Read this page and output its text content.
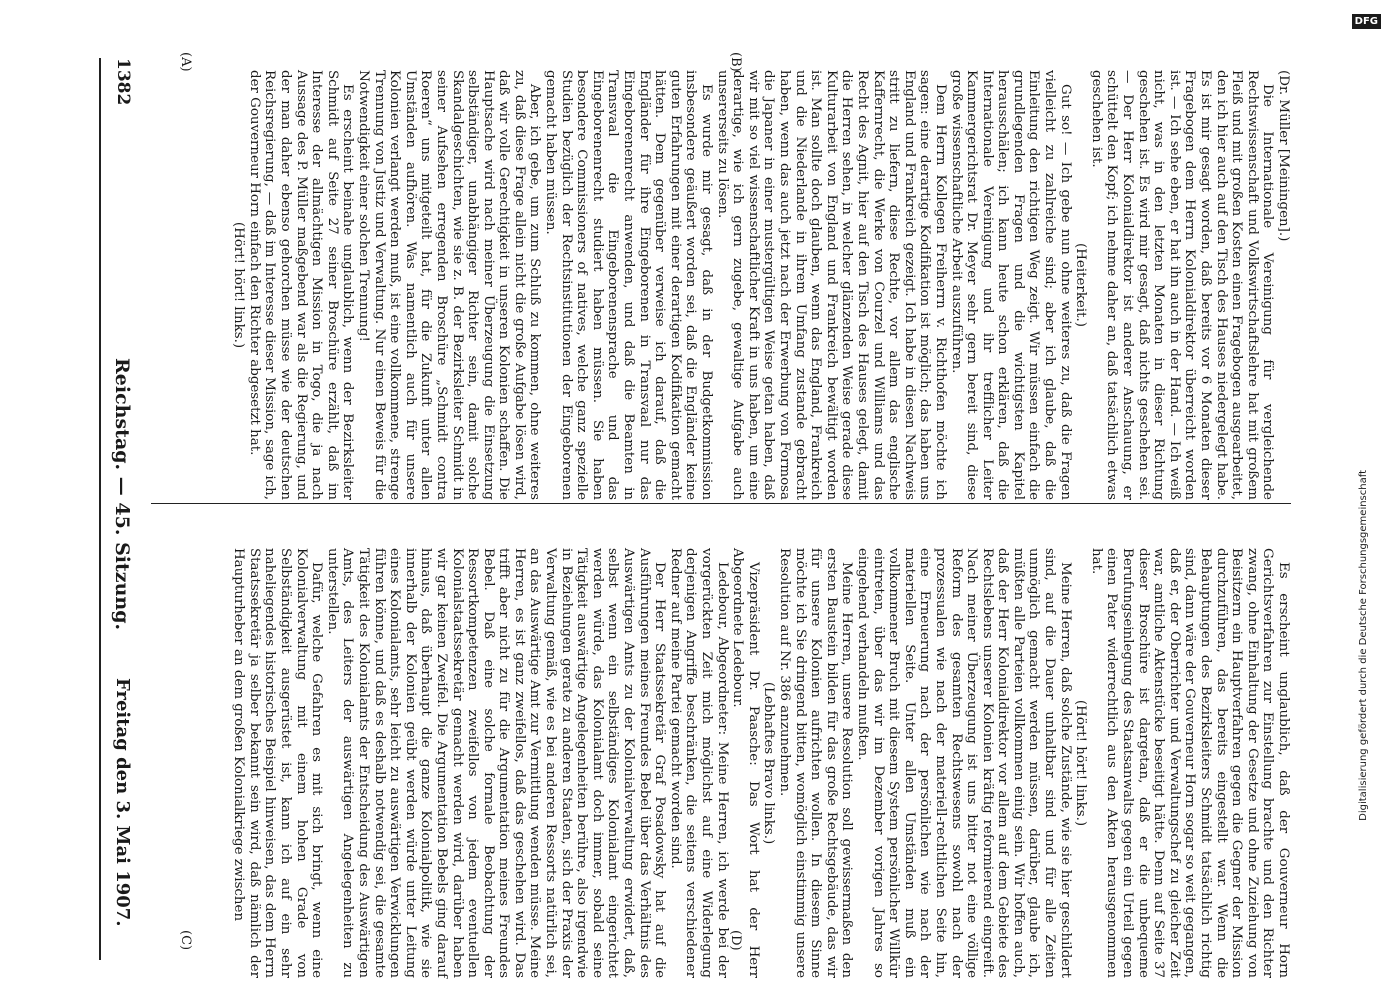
1382
Reichstag. — 45. Sitzung.
Freitag den 3. Mai 1907.
(A)	(B)
(C)	(D)

(Dr. Müller [Meiningen].)

Die Internationale Vereinigung für vergleichende Rechtswissenschaft und Volkswirtschaftslehre hat mit großem Fleiß und mit großen Kosten einen Fragebogen ausgearbeitet, den ich hier auch auf den Tisch des Hauses niedergelegt habe. Es ist mir gesagt worden, daß bereits vor 6 Monaten dieser Fragebogen dem Herrn Kolonialdirektor überreicht worden ist. — Ich sehe eben, er hat ihn auch in der Hand. — Ich weiß nicht, was in den letzten Monaten in dieser Richtung geschehen ist. Es wird mir gesagt, daß nichts geschehen sei. — Der Herr Kolonialdirektor ist anderer Anschauung, er schüttelt den Kopf; ich nehme daher an, daß tatsächlich etwas geschehen ist.

(Heiterkeit.)

Gut so! — Ich gebe nun ohne weiteres zu, daß die Fragen vielleicht zu zahlreiche sind; aber ich glaube, daß die Einleitung den richtigen Weg zeigt. Wir müssen einfach die grundlegenden Fragen und die wichtigsten Kapitel herausschälen; ich kann heute schon erklären, daß die Internationale Vereinigung und ihr trefflicher Leiter Kammergerichtsrat Dr. Meyer sehr gern bereit sind, diese große wissenschaftliche Arbeit auszuführen.

Dem Herrn Kollegen Freiherrn v. Richthofen möchte ich sagen: eine derartige Kodifikation ist möglich; das haben uns England und Frankreich gezeigt. Ich habe in diesen Nachweis stritt zu liefern, diese Rechte, vor allem das englische Kaffernrecht, die Werke von Courzel und Williams und das Recht des Agnit, hier auf den Tisch des Hauses gelegt, damit die Herren sehen, in welcher glänzenden Weise gerade diese Kulturarbeit von England und Frankreich bewältigt worden ist. Man sollte doch glauben, wenn das England, Frankreich und die Niederlande in ihrem Umfang zustande gebracht haben, wenn das auch jetzt nach der Erwerbung von Formosa die Japaner in einer mustergültigen Weise getan haben, daß wir mit so viel wissenschaftlicher Kraft in uns haben, um eine derartige, wie ich gern zugebe, gewaltige Aufgabe auch unsererseits zu lösen.

Es wurde mir gesagt, daß in der Budgetkommission insbesondere geäußert worden sei, daß die Engländer keine guten Erfahrungen mit einer derartigen Kodifikation gemacht hätten. Dem gegenüber verweise ich darauf, daß die Engländer für ihre Eingeborenen in Transvaal nur das Eingeborenenrecht anwenden, und daß die Beamten in Transvaal die Eingeborenensprache und das Eingeborenenrecht studiert haben müssen. Sie haben besondere Commissioners of natives, welche ganz spezielle Studien bezüglich der Rechtsinstitutionen der Eingeborenen gemacht haben müssen.

Aber, ich gebe, um zum Schluß zu kommen, ohne weiteres zu, daß diese Frage allein nicht die große Aufgabe lösen wird, daß wir volle Gerechtigkeit in unseren Kolonien schaffen. Die Hauptsache wird nach meiner Überzeugung die Einsetzung selbständiger, unabhängiger Richter sein, damit solche Skandalgeschichten, wie sie z. B. der Bezirksleiter Schmidt in seiner Aufsehen erregenden Broschüre „Schmidt contra Roeren“ uns mitgeteilt hat, für die Zukunft unter allen Umständen aufhören. Was namentlich auch für unsere Kolonien verlangt werden muß, ist eine vollkommene, strenge Trennung von Justiz und Verwaltung. Nur einen Beweis für die Notwendigkeit einer solchen Trennung!

Es erscheint beinahe unglaublich, wenn der Bezirksleiter Schmidt auf Seite 27 seiner Broschüre erzählt, daß im Interesse der allmächtigen Mission in Togo, die ja nach Aussage des P. Müller maßgebend war als die Regierung, und der man daher ebenso gehorchen müsse wie der deutschen Reichsregierung, — daß im Interesse dieser Mission, sage ich, der Gouverneur Horn einfach den Richter abgesetzt hat.

(Hört! hört! links.)

Es erscheint unglaublich, daß der Gouverneur Horn Gerichtsverfahren zur Einstellung brachte und den Richter zwang, ohne Einhaltung der Gesetze und ohne Zuziehung von Beisitzern ein Hauptverfahren gegen die Gegner der Mission durchzuführen, das bereits eingestellt war. Wenn die Behauptungen des Bezirksleiters Schmidt tatsächlich richtig sind, dann wäre der Gouverneur Horn sogar so weit gegangen, daß er, der Oberrichter und Verwaltungschef zu gleicher Zeit war, amtliche Aktenstücke beseitigt hätte. Denn auf Seite 37 dieser Broschüre ist dargetan, daß er die unbequeme Berufungseinlegung des Staatsanwalts gegen ein Urteil gegen einen Pater widerrechtlich aus den Akten herausgenommen hat.

(Hört! hört! links.)

Meine Herren, daß solche Zustände, wie sie hier geschildert sind, auf die Dauer unhaltbar sind und für alle Zeiten unmöglich gemacht werden müssen, darüber, glaube ich, müßten alle Parteien vollkommen einig sein. Wir hoffen auch, daß der Herr Kolonialdirektor vor allem auf dem Gebiete des Rechtslebens unserer Kolonien kräftig reformierend eingreift. Nach meiner Überzeugung ist uns bitter not eine völlige Reform des gesamten Rechtswesens sowohl nach der prozessualen wie nach der materiell-rechtlichen Seite hin, eine Erneuerung nach der persönlichen wie nach der materiellen Seite. Unter allen Umständen muß ein vollkommener Bruch mit diesem System persönlicher Willkür eintreten, über das wir im Dezember vorigen Jahres so eingehend verhandeln mußten.

Meine Herren, unsere Resolution soll gewissermaßen den ersten Baustein bilden für das große Rechtsgebäude, das wir für unsere Kolonien aufrichten wollen. In diesem Sinne möchte ich Sie dringend bitten, womöglich einstimmig unsere Resolution auf Nr. 386 anzunehmen.

(Lebhaftes Bravo links.)

Vizepräsident Dr. Paasche: Das Wort hat der Herr Abgeordnete Ledebour.

Ledebour, Abgeordneter: Meine Herren, ich werde bei der vorgerückten Zeit mich möglichst auf eine Widerlegung derjenigen Angriffe beschränken, die seitens verschiedener Redner auf meine Partei gemacht worden sind.

Der Herr Staatssekretär Graf Posadowsky hat auf die Ausführungen meines Freundes Bebel über das Verhältnis des Auswärtigen Amts zu der Kolonialverwaltung erwidert, daß, selbst wenn ein selbständiges Kolonialamt eingerichtet werden würde, das Kolonialamt doch immer, sobald seine Tätigkeit auswärtige Angelegenheiten berühre, also irgendwie in Beziehungen gerate zu anderen Staaten, sich der Praxis der Verwaltung gemäß, wie es bei anderen Ressorts natürlich sei, an das Auswärtige Amt zur Vermittlung wenden müsse. Meine Herren, es ist ganz zweifellos, daß das geschehen wird. Das trifft aber nicht zu für die Argumentation meines Freundes Bebel. Daß eine solche formale Beobachtung der Ressortkompetenzen zweifellos von jedem eventuellen Kolonialstaatssekretär gemacht werden wird, darüber haben wir gar keinen Zweifel. Die Argumentation Bebels ging darauf hinaus, daß überhaupt die ganze Kolonialpolitik, wie sie innerhalb der Kolonien geübt werden würde unter Leitung eines Kolonialamts, sehr leicht zu auswärtigen Verwicklungen führen könne, und daß es deshalb notwendig sei, die gesamte Tätigkeit des Kolonialamts der Entscheidung des Auswärtigen Amts, des Leiters der auswärtigen Angelegenheiten zu unterstellen.

Dafür, welche Gefahren es mit sich bringt, wenn eine Kolonialverwaltung mit einem hohen Grade von Selbständigkeit ausgerüstet ist, kann ich auf ein sehr naheliegendes historisches Beispiel hinweisen, das dem Herrn Staatssekretär ja selber bekannt sein wird, daß nämlich der Haupturheber an dem großen Kolonialkriege zwischen

DFG
Digitalisierung gefördert durch die Deutsche Forschungsgemeinschaft
